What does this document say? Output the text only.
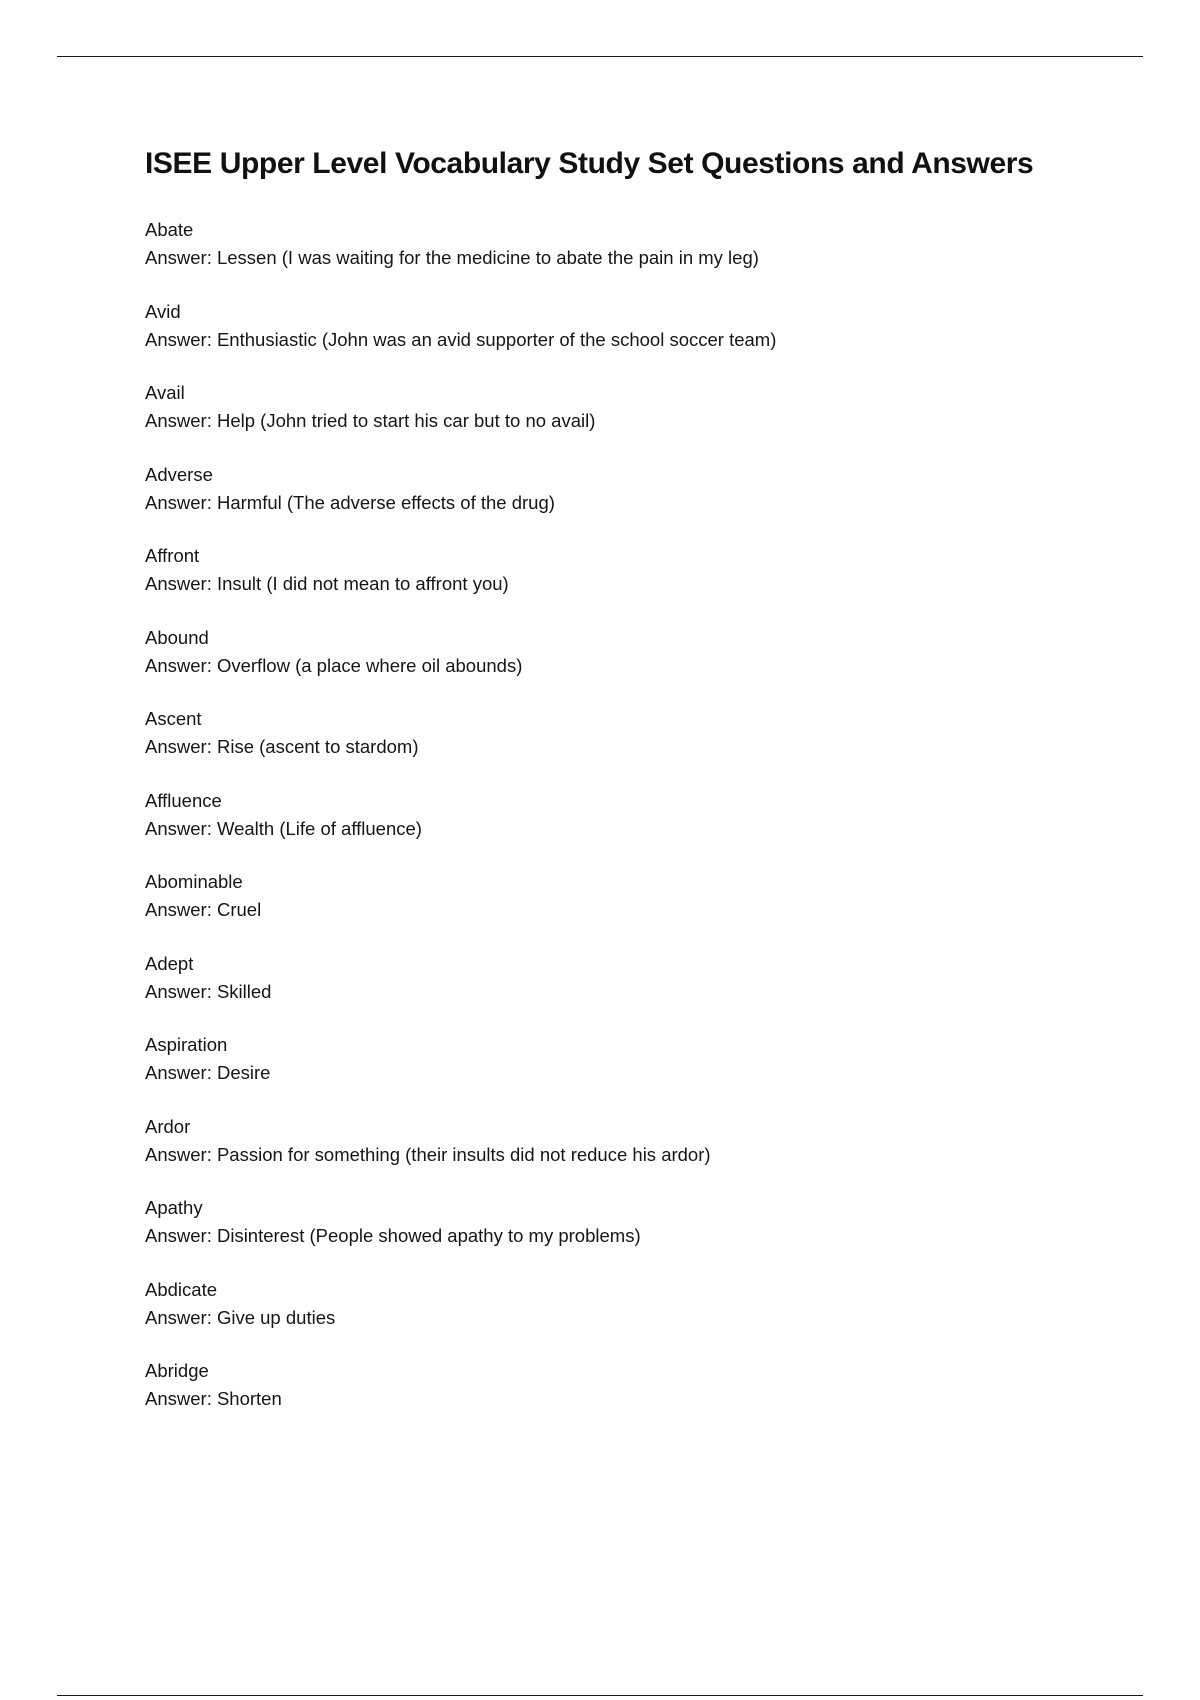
ISEE Upper Level Vocabulary Study Set Questions and Answers
Abate
Answer: Lessen (I was waiting for the medicine to abate the pain in my leg)
Avid
Answer: Enthusiastic (John was an avid supporter of the school soccer team)
Avail
Answer: Help (John tried to start his car but to no avail)
Adverse
Answer: Harmful (The adverse effects of the drug)
Affront
Answer: Insult (I did not mean to affront you)
Abound
Answer: Overflow (a place where oil abounds)
Ascent
Answer: Rise (ascent to stardom)
Affluence
Answer: Wealth (Life of affluence)
Abominable
Answer: Cruel
Adept
Answer: Skilled
Aspiration
Answer: Desire
Ardor
Answer: Passion for something (their insults did not reduce his ardor)
Apathy
Answer: Disinterest (People showed apathy to my problems)
Abdicate
Answer: Give up duties
Abridge
Answer: Shorten
